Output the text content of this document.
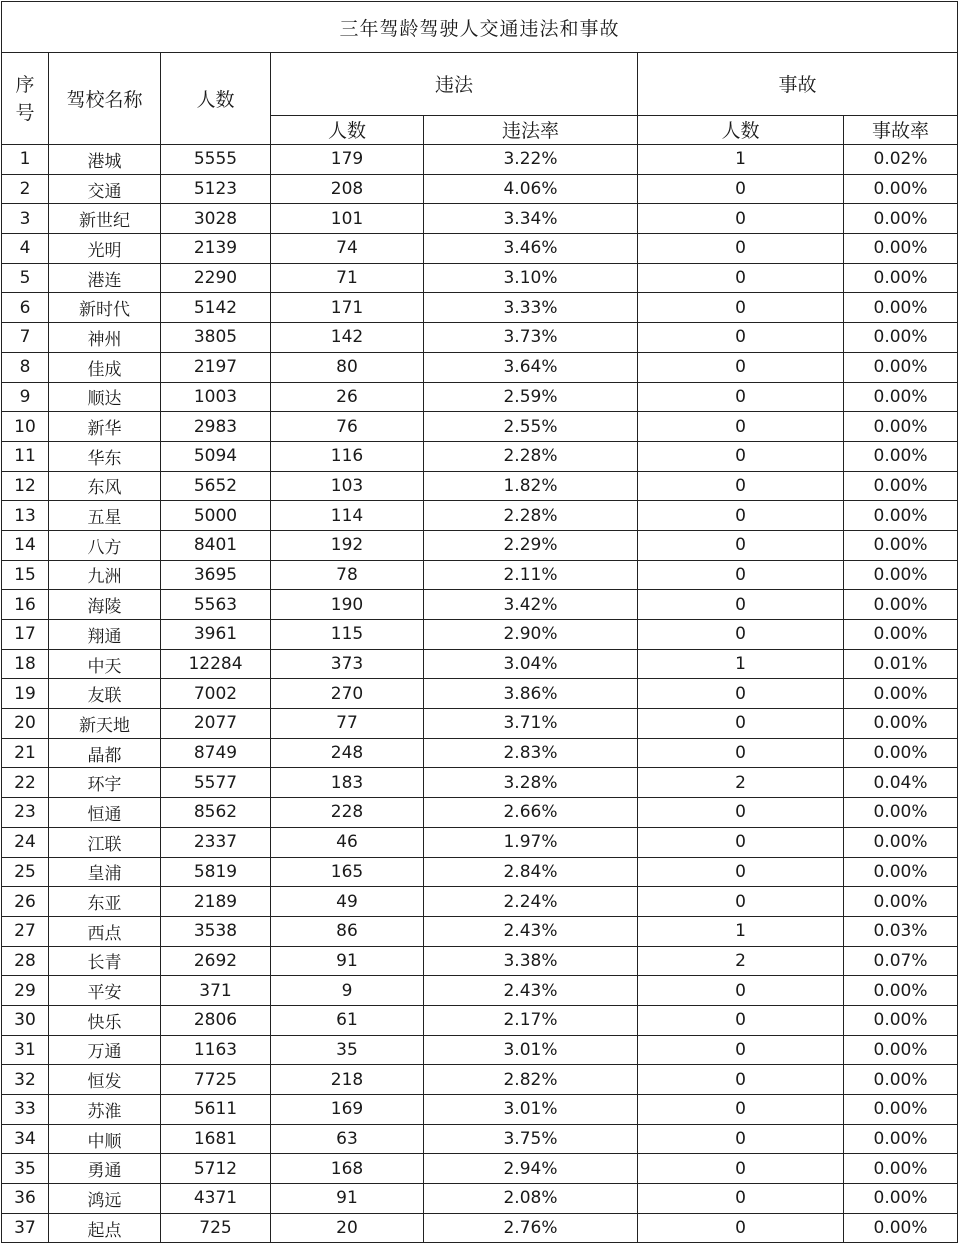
三年驾龄驾驶人交通违法和事故						

序
号	驾校名称	人数	违法		事故	
			人数	违法率	人数	事故率
1	港城	5555	179	3.22%	1	0.02%
2	交通	5123	208	4.06%	0	0.00%
3	新世纪	3028	101	3.34%	0	0.00%
4	光明	2139	74	3.46%	0	0.00%
5	港连	2290	71	3.10%	0	0.00%
6	新时代	5142	171	3.33%	0	0.00%
7	神州	3805	142	3.73%	0	0.00%
8	佳成	2197	80	3.64%	0	0.00%
9	顺达	1003	26	2.59%	0	0.00%
10	新华	2983	76	2.55%	0	0.00%
11	华东	5094	116	2.28%	0	0.00%
12	东风	5652	103	1.82%	0	0.00%
13	五星	5000	114	2.28%	0	0.00%
14	八方	8401	192	2.29%	0	0.00%
15	九洲	3695	78	2.11%	0	0.00%
16	海陵	5563	190	3.42%	0	0.00%
17	翔通	3961	115	2.90%	0	0.00%
18	中天	12284	373	3.04%	1	0.01%
19	友联	7002	270	3.86%	0	0.00%
20	新天地	2077	77	3.71%	0	0.00%
21	晶都	8749	248	2.83%	0	0.00%
22	环宇	5577	183	3.28%	2	0.04%
23	恒通	8562	228	2.66%	0	0.00%
24	江联	2337	46	1.97%	0	0.00%
25	皇浦	5819	165	2.84%	0	0.00%
26	东亚	2189	49	2.24%	0	0.00%
27	西点	3538	86	2.43%	1	0.03%
28	长青	2692	91	3.38%	2	0.07%
29	平安	371	9	2.43%	0	0.00%
30	快乐	2806	61	2.17%	0	0.00%
31	万通	1163	35	3.01%	0	0.00%
32	恒发	7725	218	2.82%	0	0.00%
33	苏淮	5611	169	3.01%	0	0.00%
34	中顺	1681	63	3.75%	0	0.00%
35	勇通	5712	168	2.94%	0	0.00%
36	鸿远	4371	91	2.08%	0	0.00%
37	起点	725	20	2.76%	0	0.00%
